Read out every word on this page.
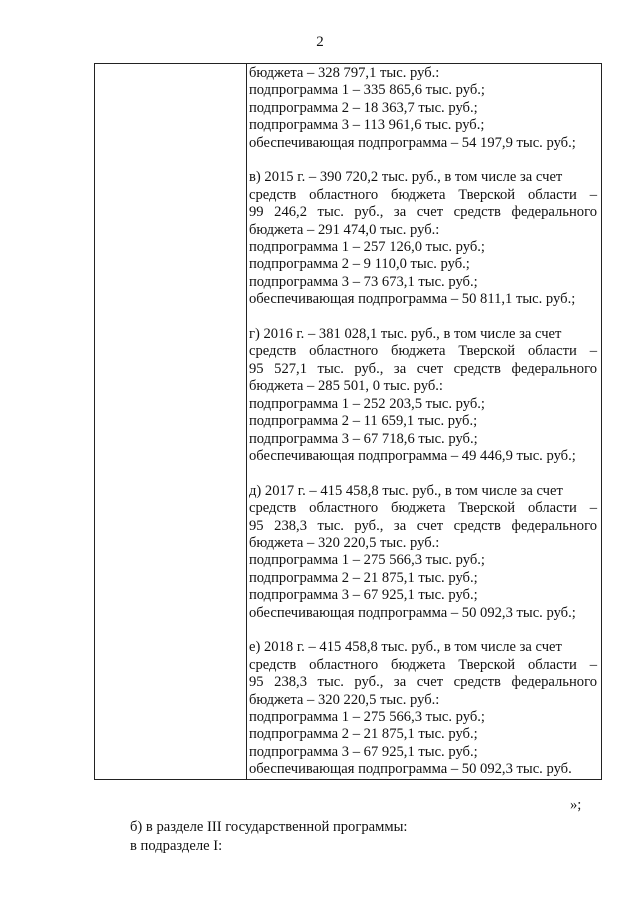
2
бюджета – 328 797,1 тыс. руб.:
подпрограмма 1 – 335 865,6 тыс. руб.;
подпрограмма 2 – 18 363,7 тыс. руб.;
подпрограмма 3 – 113 961,6 тыс. руб.;
обеспечивающая подпрограмма – 54 197,9 тыс. руб.;
в) 2015 г. – 390 720,2 тыс. руб., в том числе за счет
средств областного бюджета Тверской области –
99 246,2 тыс. руб., за счет средств федерального
бюджета – 291 474,0 тыс. руб.:
подпрограмма 1 – 257 126,0 тыс. руб.;
подпрограмма 2 – 9 110,0 тыс. руб.;
подпрограмма 3 – 73 673,1 тыс. руб.;
обеспечивающая подпрограмма – 50 811,1 тыс. руб.;
г) 2016 г. – 381 028,1 тыс. руб., в том числе за счет
средств областного бюджета Тверской области –
95 527,1 тыс. руб., за счет средств федерального
бюджета – 285 501, 0 тыс. руб.:
подпрограмма 1 – 252 203,5 тыс. руб.;
подпрограмма 2 – 11 659,1 тыс. руб.;
подпрограмма 3 – 67 718,6 тыс. руб.;
обеспечивающая подпрограмма – 49 446,9 тыс. руб.;
д) 2017 г. – 415 458,8 тыс. руб., в том числе за счет
средств областного бюджета Тверской области –
95 238,3 тыс. руб., за счет средств федерального
бюджета – 320 220,5 тыс. руб.:
подпрограмма 1 – 275 566,3 тыс. руб.;
подпрограмма 2 – 21 875,1 тыс. руб.;
подпрограмма 3 – 67 925,1 тыс. руб.;
обеспечивающая подпрограмма – 50 092,3 тыс. руб.;
е) 2018 г. – 415 458,8 тыс. руб., в том числе за счет
средств областного бюджета Тверской области –
95 238,3 тыс. руб., за счет средств федерального
бюджета – 320 220,5 тыс. руб.:
подпрограмма 1 – 275 566,3 тыс. руб.;
подпрограмма 2 – 21 875,1 тыс. руб.;
подпрограмма 3 – 67 925,1 тыс. руб.;
обеспечивающая подпрограмма – 50 092,3 тыс. руб.
»;
б) в разделе III государственной программы:
в подразделе I:
